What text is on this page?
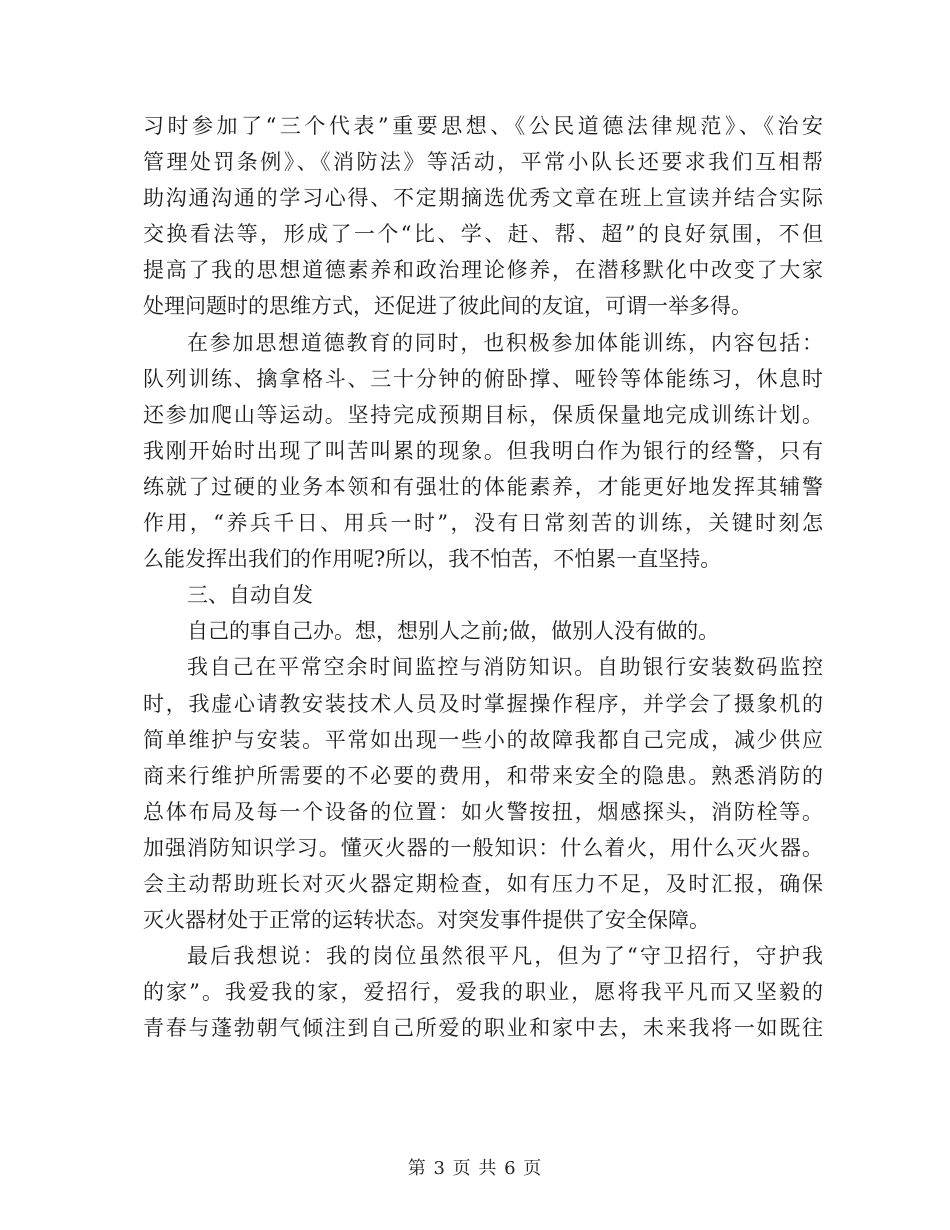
习时参加了“三个代表”重要思想、《公民道德法律规范》、《治安
管理处罚条例》、《消防法》等活动，平常小队长还要求我们互相帮
助沟通沟通的学习心得、不定期摘选优秀文章在班上宣读并结合实际
交换看法等，形成了一个“比、学、赶、帮、超”的良好氛围，不但
提高了我的思想道德素养和政治理论修养，在潜移默化中改变了大家
处理问题时的思维方式，还促进了彼此间的友谊，可谓一举多得。
在参加思想道德教育的同时，也积极参加体能训练，内容包括：
队列训练、擒拿格斗、三十分钟的俯卧撑、哑铃等体能练习，休息时
还参加爬山等运动。坚持完成预期目标，保质保量地完成训练计划。
我刚开始时出现了叫苦叫累的现象。但我明白作为银行的经警，只有
练就了过硬的业务本领和有强壮的体能素养，才能更好地发挥其辅警
作用，“养兵千日、用兵一时”，没有日常刻苦的训练，关键时刻怎
么能发挥出我们的作用呢?所以，我不怕苦，不怕累一直坚持。
三、自动自发
自己的事自己办。想，想别人之前;做，做别人没有做的。
我自己在平常空余时间监控与消防知识。自助银行安装数码监控
时，我虚心请教安装技术人员及时掌握操作程序，并学会了摄象机的
简单维护与安装。平常如出现一些小的故障我都自己完成，减少供应
商来行维护所需要的不必要的费用，和带来安全的隐患。熟悉消防的
总体布局及每一个设备的位置：如火警按扭，烟感探头，消防栓等。
加强消防知识学习。懂灭火器的一般知识：什么着火，用什么灭火器。
会主动帮助班长对灭火器定期检查，如有压力不足，及时汇报，确保
灭火器材处于正常的运转状态。对突发事件提供了安全保障。
最后我想说：我的岗位虽然很平凡，但为了“守卫招行，守护我
的家”。我爱我的家，爱招行，爱我的职业，愿将我平凡而又坚毅的
青春与蓬勃朝气倾注到自己所爱的职业和家中去，未来我将一如既往
第 3 页 共 6 页
